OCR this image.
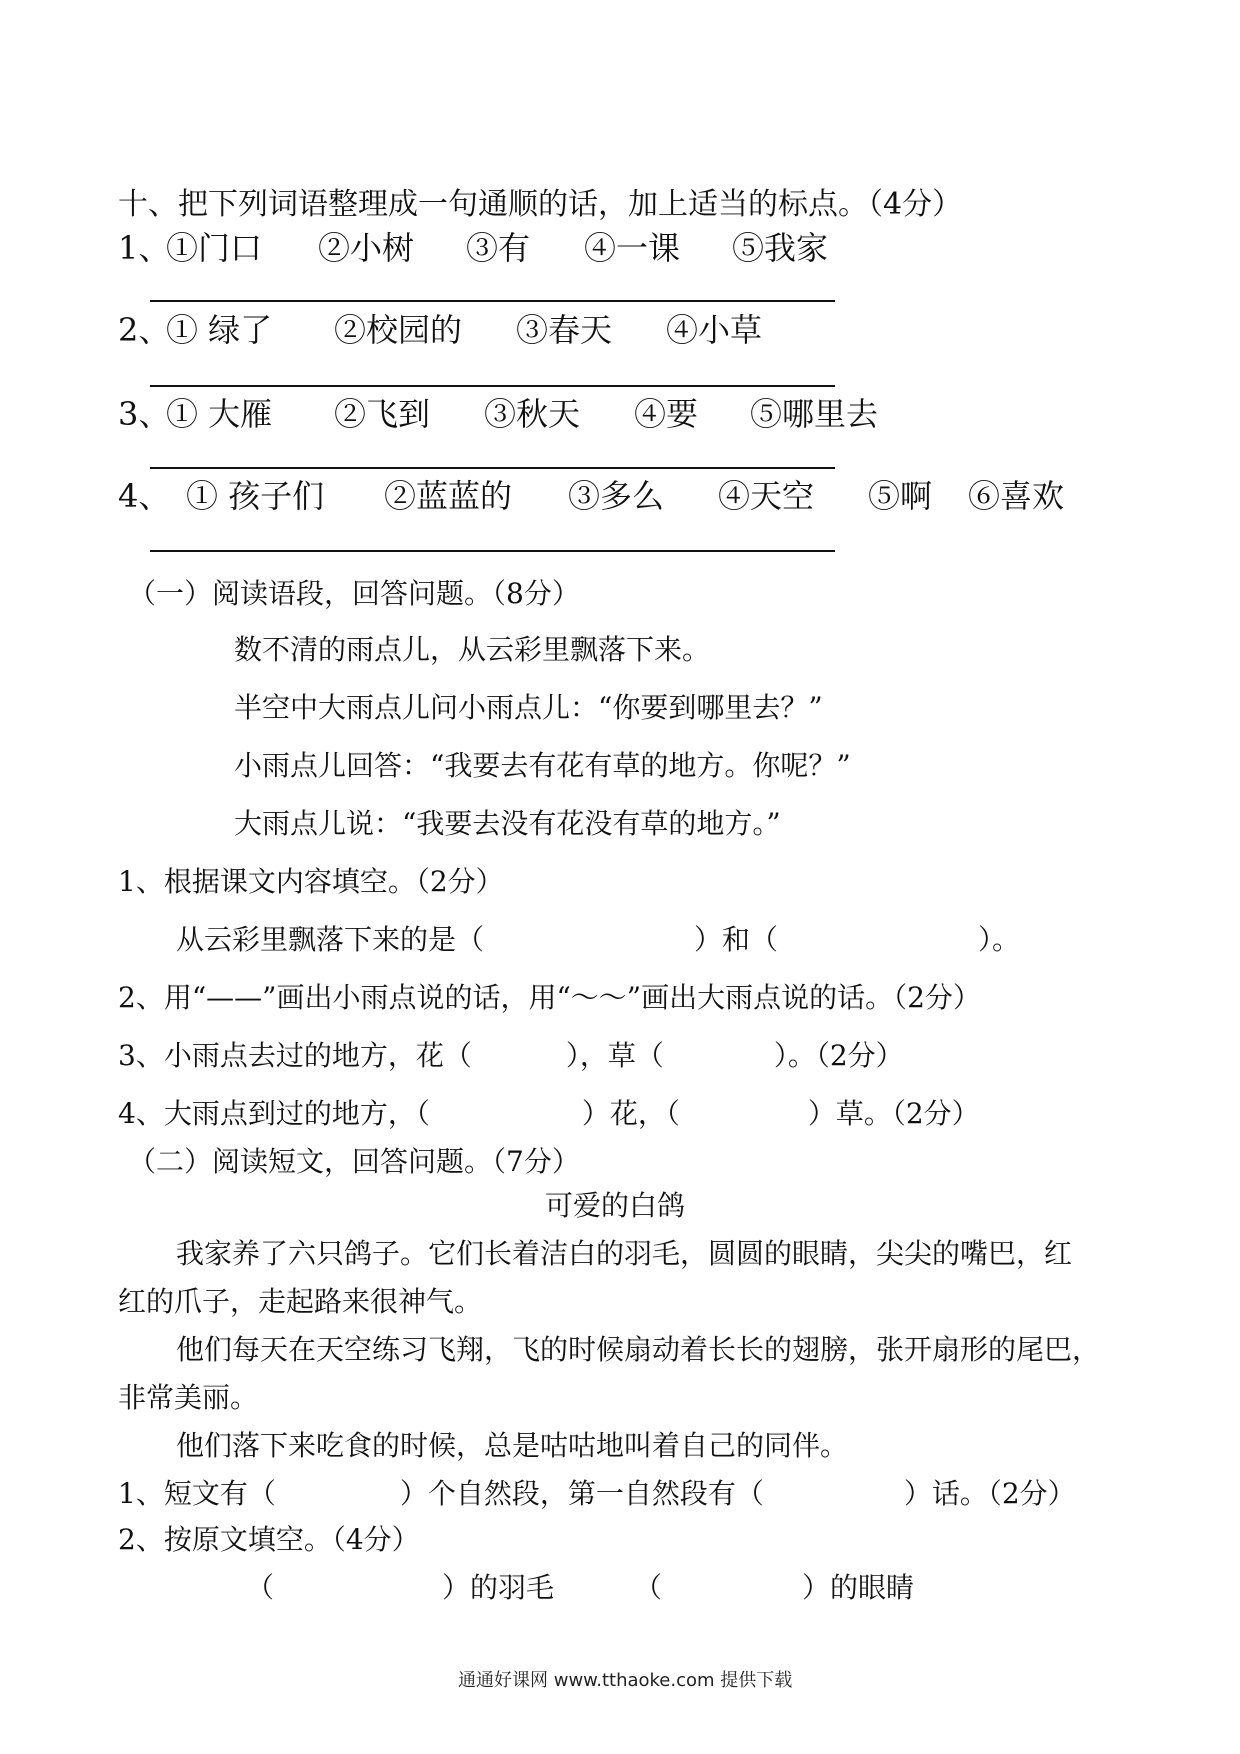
十、把下列词语整理成一句通顺的话，加上适当的标点。（4分）
1、
①门口 ②小树 ③有 ④一课 ⑤我家
2、
① 绿了 ②校园的 ③春天 ④小草
3、
① 大雁 ②飞到 ③秋天 ④要 ⑤哪里去
4、 ① 孩子们 ②蓝蓝的 ③多么 ④天空 ⑤啊 ⑥喜欢
（一）阅读语段，回答问题。（8分）
数不清的雨点儿，从云彩里飘落下来。
半空中大雨点儿问小雨点儿：“你要到哪里去？”
小雨点儿回答：“我要去有花有草的地方。你呢？”
大雨点儿说：“我要去没有花没有草的地方。”
1、根据课文内容填空。（2分）
从云彩里飘落下来的是（	）和（	）。
2、用“——”画出小雨点说的话，用“～～”画出大雨点说的话。（2分）
3、小雨点去过的地方，花（	），草（	）。（2分）
4、大雨点到过的地方，（	）花，（	）草。（2分）
（二）阅读短文，回答问题。（7分）
可爱的白鸽
我家养了六只鸽子。它们长着洁白的羽毛，圆圆的眼睛，尖尖的嘴巴，红
红的爪子，走起路来很神气。
他们每天在天空练习飞翔，飞的时候扇动着长长的翅膀，张开扇形的尾巴，
非常美丽。
他们落下来吃食的时候，总是咕咕地叫着自己的同伴。
1、短文有（	）个自然段，第一自然段有（	）话。（2分）
2、按原文填空。（4分）
（	）的羽毛	（	）的眼睛
通通好课网 www.tthaoke.com 提供下载
